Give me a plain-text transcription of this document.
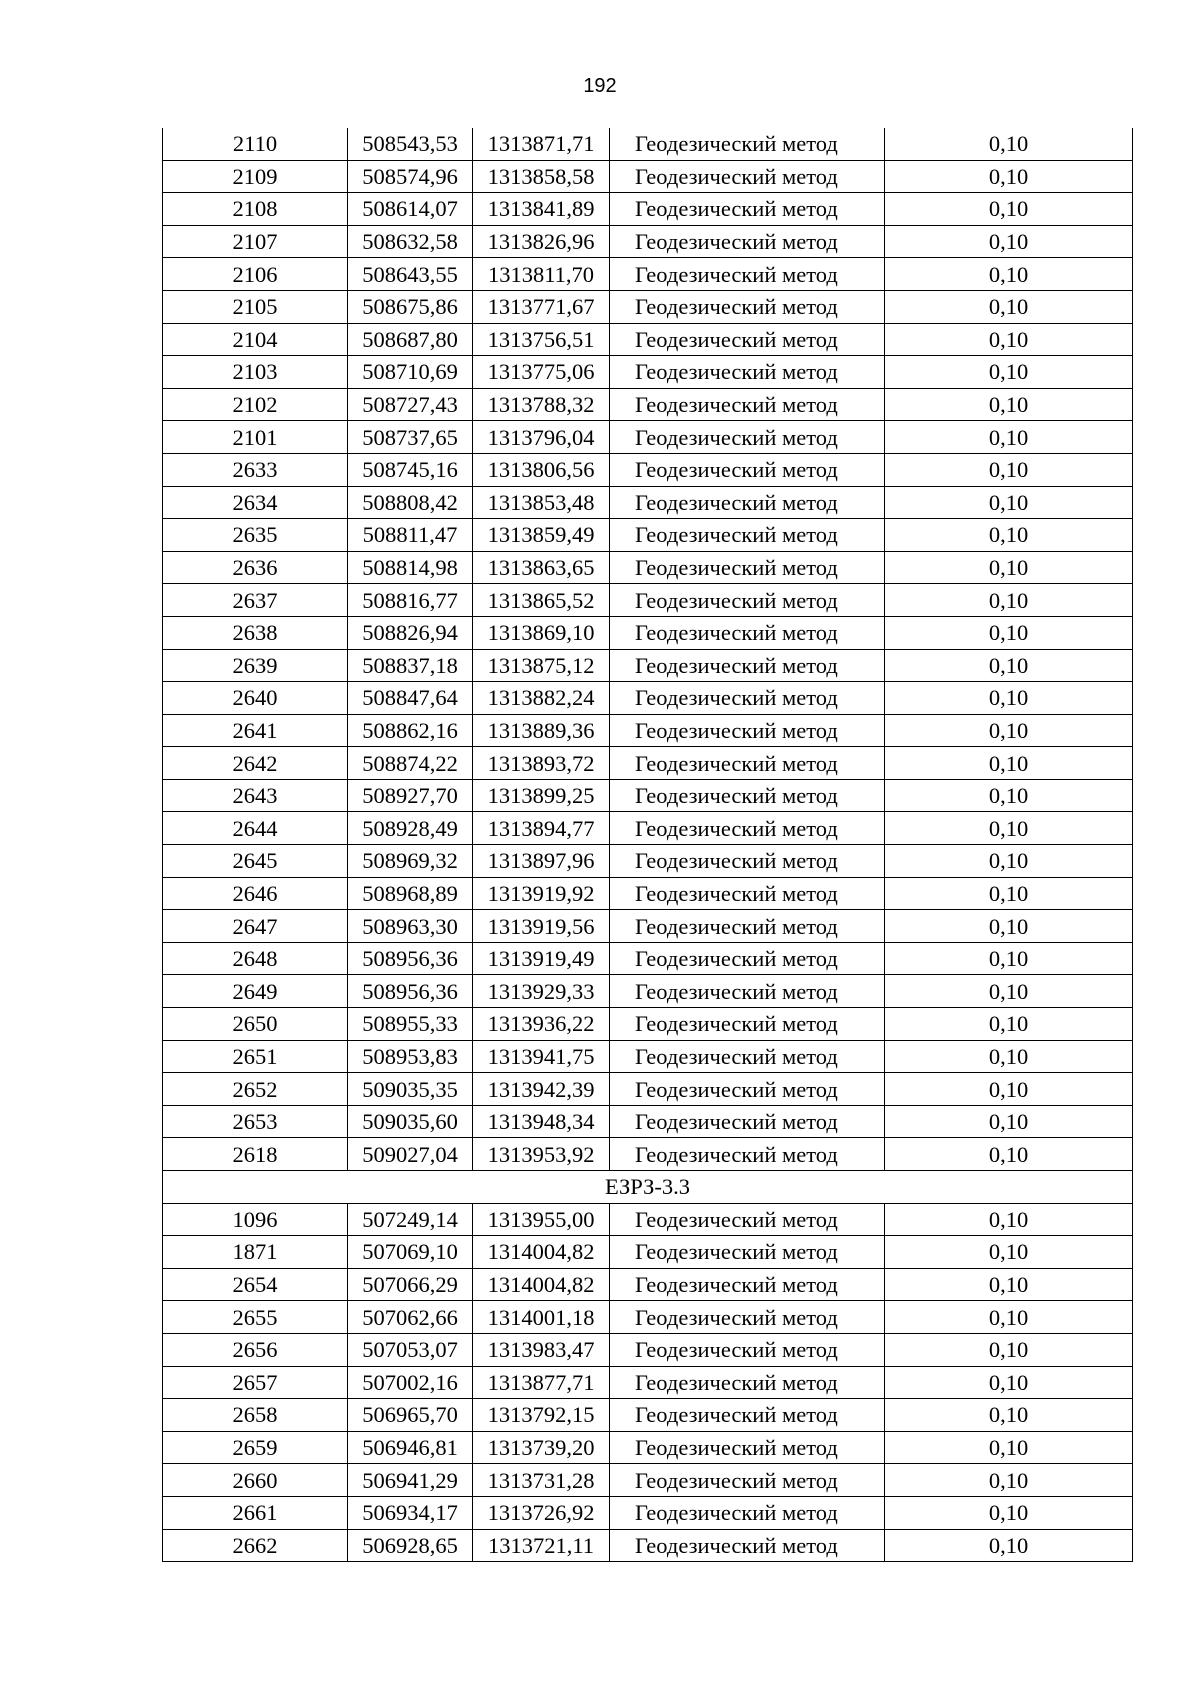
192
2110	508543,53	1313871,71	Геодезический метод	0,10
2109	508574,96	1313858,58	Геодезический метод	0,10
2108	508614,07	1313841,89	Геодезический метод	0,10
2107	508632,58	1313826,96	Геодезический метод	0,10
2106	508643,55	1313811,70	Геодезический метод	0,10
2105	508675,86	1313771,67	Геодезический метод	0,10
2104	508687,80	1313756,51	Геодезический метод	0,10
2103	508710,69	1313775,06	Геодезический метод	0,10
2102	508727,43	1313788,32	Геодезический метод	0,10
2101	508737,65	1313796,04	Геодезический метод	0,10
2633	508745,16	1313806,56	Геодезический метод	0,10
2634	508808,42	1313853,48	Геодезический метод	0,10
2635	508811,47	1313859,49	Геодезический метод	0,10
2636	508814,98	1313863,65	Геодезический метод	0,10
2637	508816,77	1313865,52	Геодезический метод	0,10
2638	508826,94	1313869,10	Геодезический метод	0,10
2639	508837,18	1313875,12	Геодезический метод	0,10
2640	508847,64	1313882,24	Геодезический метод	0,10
2641	508862,16	1313889,36	Геодезический метод	0,10
2642	508874,22	1313893,72	Геодезический метод	0,10
2643	508927,70	1313899,25	Геодезический метод	0,10
2644	508928,49	1313894,77	Геодезический метод	0,10
2645	508969,32	1313897,96	Геодезический метод	0,10
2646	508968,89	1313919,92	Геодезический метод	0,10
2647	508963,30	1313919,56	Геодезический метод	0,10
2648	508956,36	1313919,49	Геодезический метод	0,10
2649	508956,36	1313929,33	Геодезический метод	0,10
2650	508955,33	1313936,22	Геодезический метод	0,10
2651	508953,83	1313941,75	Геодезический метод	0,10
2652	509035,35	1313942,39	Геодезический метод	0,10
2653	509035,60	1313948,34	Геодезический метод	0,10
2618	509027,04	1313953,92	Геодезический метод	0,10
ЕЗРЗ-3.3				
1096	507249,14	1313955,00	Геодезический метод	0,10
1871	507069,10	1314004,82	Геодезический метод	0,10
2654	507066,29	1314004,82	Геодезический метод	0,10
2655	507062,66	1314001,18	Геодезический метод	0,10
2656	507053,07	1313983,47	Геодезический метод	0,10
2657	507002,16	1313877,71	Геодезический метод	0,10
2658	506965,70	1313792,15	Геодезический метод	0,10
2659	506946,81	1313739,20	Геодезический метод	0,10
2660	506941,29	1313731,28	Геодезический метод	0,10
2661	506934,17	1313726,92	Геодезический метод	0,10
2662	506928,65	1313721,11	Геодезический метод	0,10
